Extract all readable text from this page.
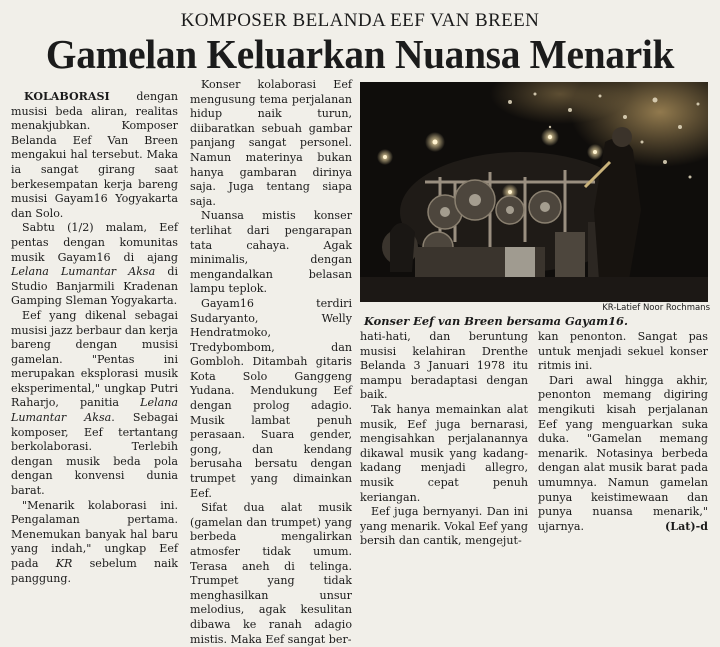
KOMPOSER BELANDA EEF VAN BREEN
Gamelan Keluarkan Nuansa Menarik

KOLABORASI dengan musisi beda aliran, realitas menakjubkan. Komposer Belanda Eef Van Breen mengakui hal tersebut. Maka ia sangat girang saat berkesempatan kerja bareng musisi Gayam16 Yogyakarta dan Solo.

Sabtu (1/2) malam, Eef pentas dengan komunitas musik Gayam16 di ajang Lelana Lumantar Aksa di Studio Banjarmili Kradenan Gamping Sleman Yogyakarta.

Eef yang dikenal sebagai musisi jazz berbaur dan kerja bareng dengan musisi gamelan. "Pentas ini merupakan eksplorasi musik eksperimental," ungkap Putri Raharjo, panitia Lelana Lumantar Aksa. Sebagai komposer, Eef tertantang berkolaborasi. Terlebih dengan musik beda pola dengan konvensi dunia barat.

"Menarik kolaborasi ini. Pengalaman pertama. Menemukan banyak hal baru yang indah," ungkap Eef pada KR sebelum naik panggung.

Konser kolaborasi Eef mengusung tema perjalanan hidup naik turun, diibaratkan sebuah gambar panjang sangat personel. Namun materinya bukan hanya gambaran dirinya saja. Juga tentang siapa saja.

Nuansa mistis konser terlihat dari pengarapan tata cahaya. Agak minimalis, dengan mengandalkan belasan lampu teplok.

Gayam16 terdiri Sudaryanto, Welly Hendratmoko, Tredybombom, dan Gombloh. Ditambah gitaris Kota Solo Ganggeng Yudana. Mendukung Eef dengan prolog adagio. Musik lambat penuh perasaan. Suara gender, gong, dan kendang berusaha bersatu dengan trumpet yang dimainkan Eef.

Sifat dua alat musik (gamelan dan trumpet) yang berbeda mengalirkan atmosfer tidak umum. Terasa aneh di telinga. Trumpet yang tidak menghasilkan unsur melodius, agak kesulitan dibawa ke ranah adagio mistis. Maka Eef sangat ber-

KR-Latief Noor Rochmans
Konser Eef van Breen bersama Gayam16.

hati-hati, dan beruntung musisi kelahiran Drenthe Belanda 3 Januari 1978 itu mampu beradaptasi dengan baik.

Tak hanya memainkan alat musik, Eef juga bernarasi, mengisahkan perjalanannya dikawal musik yang kadang-kadang menjadi allegro, musik cepat penuh keriangan.

Eef juga bernyanyi. Dan ini yang menarik. Vokal Eef yang bersih dan cantik, mengejut-

kan penonton. Sangat pas untuk menjadi sekuel konser ritmis ini.

Dari awal hingga akhir, penonton memang digiring mengikuti kisah perjalanan Eef yang menguarkan suka duka. "Gamelan memang menarik. Notasinya berbeda dengan alat musik barat pada umumnya. Namun gamelan punya keistimewaan dan punya nuansa menarik," ujarnya.	(Lat)-d
